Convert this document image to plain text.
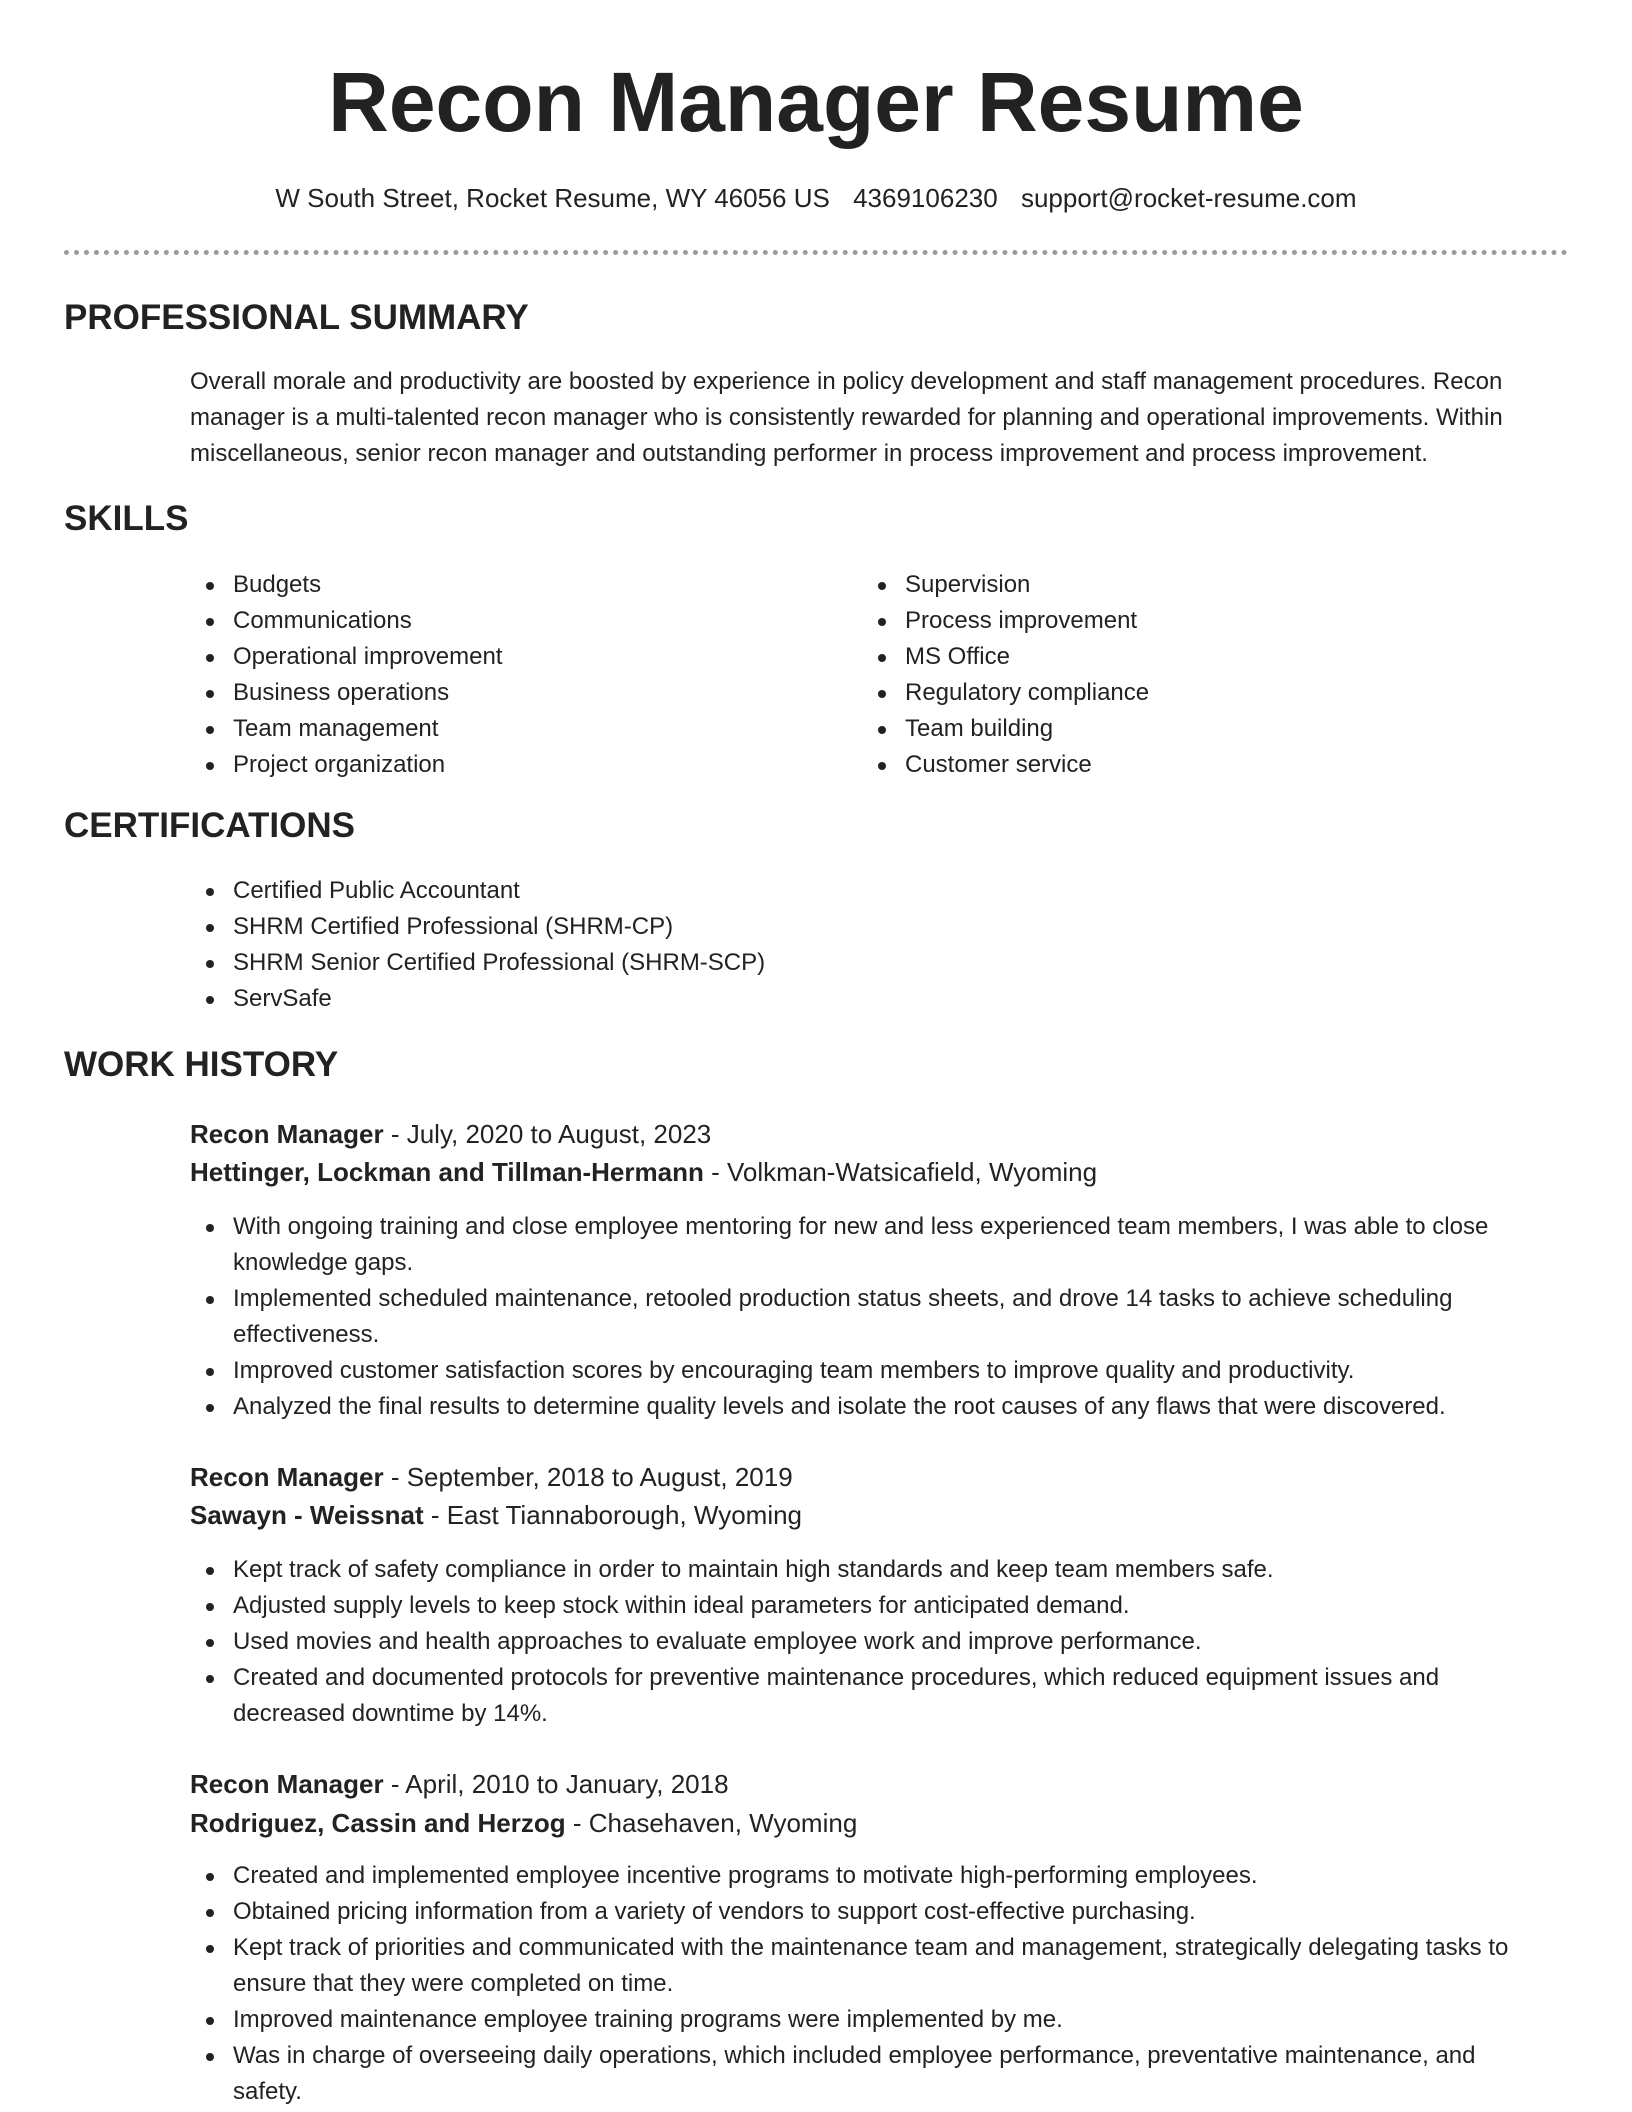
Recon Manager Resume
W South Street, Rocket Resume, WY 46056 US 4369106230 support@rocket-resume.com
PROFESSIONAL SUMMARY
Overall morale and productivity are boosted by experience in policy development and staff management procedures. Recon
manager is a multi-talented recon manager who is consistently rewarded for planning and operational improvements. Within
miscellaneous, senior recon manager and outstanding performer in process improvement and process improvement.
SKILLS
Budgets
Communications
Operational improvement
Business operations
Team management
Project organization
Supervision
Process improvement
MS Office
Regulatory compliance
Team building
Customer service
CERTIFICATIONS
Certified Public Accountant
SHRM Certified Professional (SHRM-CP)
SHRM Senior Certified Professional (SHRM-SCP)
ServSafe
WORK HISTORY
Recon Manager - July, 2020 to August, 2023
Hettinger, Lockman and Tillman-Hermann - Volkman-Watsicafield, Wyoming
With ongoing training and close employee mentoring for new and less experienced team members, I was able to close
knowledge gaps.
Implemented scheduled maintenance, retooled production status sheets, and drove 14 tasks to achieve scheduling
effectiveness.
Improved customer satisfaction scores by encouraging team members to improve quality and productivity.
Analyzed the final results to determine quality levels and isolate the root causes of any flaws that were discovered.
Recon Manager - September, 2018 to August, 2019
Sawayn - Weissnat - East Tiannaborough, Wyoming
Kept track of safety compliance in order to maintain high standards and keep team members safe.
Adjusted supply levels to keep stock within ideal parameters for anticipated demand.
Used movies and health approaches to evaluate employee work and improve performance.
Created and documented protocols for preventive maintenance procedures, which reduced equipment issues and
decreased downtime by 14%.
Recon Manager - April, 2010 to January, 2018
Rodriguez, Cassin and Herzog - Chasehaven, Wyoming
Created and implemented employee incentive programs to motivate high-performing employees.
Obtained pricing information from a variety of vendors to support cost-effective purchasing.
Kept track of priorities and communicated with the maintenance team and management, strategically delegating tasks to
ensure that they were completed on time.
Improved maintenance employee training programs were implemented by me.
Was in charge of overseeing daily operations, which included employee performance, preventative maintenance, and
safety.
